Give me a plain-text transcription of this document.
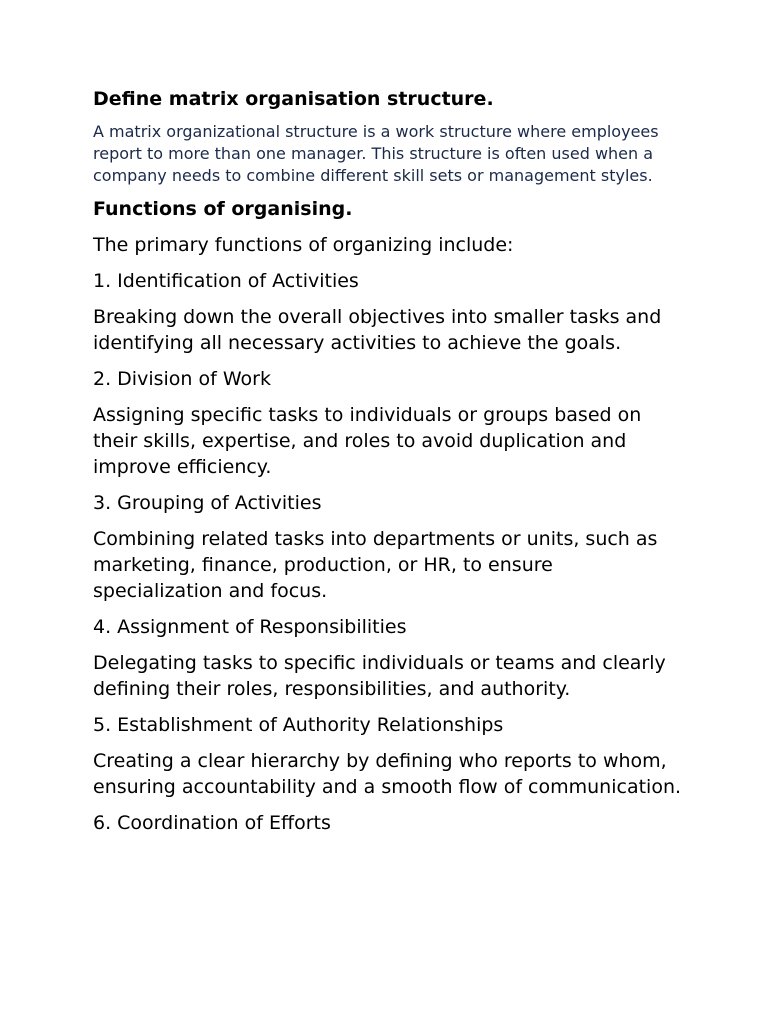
Define matrix organisation structure.

A matrix organizational structure is a work structure where employees report to more than one manager. This structure is often used when a company needs to combine different skill sets or management styles.

Functions of organising.

The primary functions of organizing include:

1. Identification of Activities

Breaking down the overall objectives into smaller tasks and identifying all necessary activities to achieve the goals.

2. Division of Work

Assigning specific tasks to individuals or groups based on their skills, expertise, and roles to avoid duplication and improve efficiency.

3. Grouping of Activities

Combining related tasks into departments or units, such as marketing, finance, production, or HR, to ensure specialization and focus.

4. Assignment of Responsibilities

Delegating tasks to specific individuals or teams and clearly defining their roles, responsibilities, and authority.

5. Establishment of Authority Relationships

Creating a clear hierarchy by defining who reports to whom, ensuring accountability and a smooth flow of communication.

6. Coordination of Efforts
